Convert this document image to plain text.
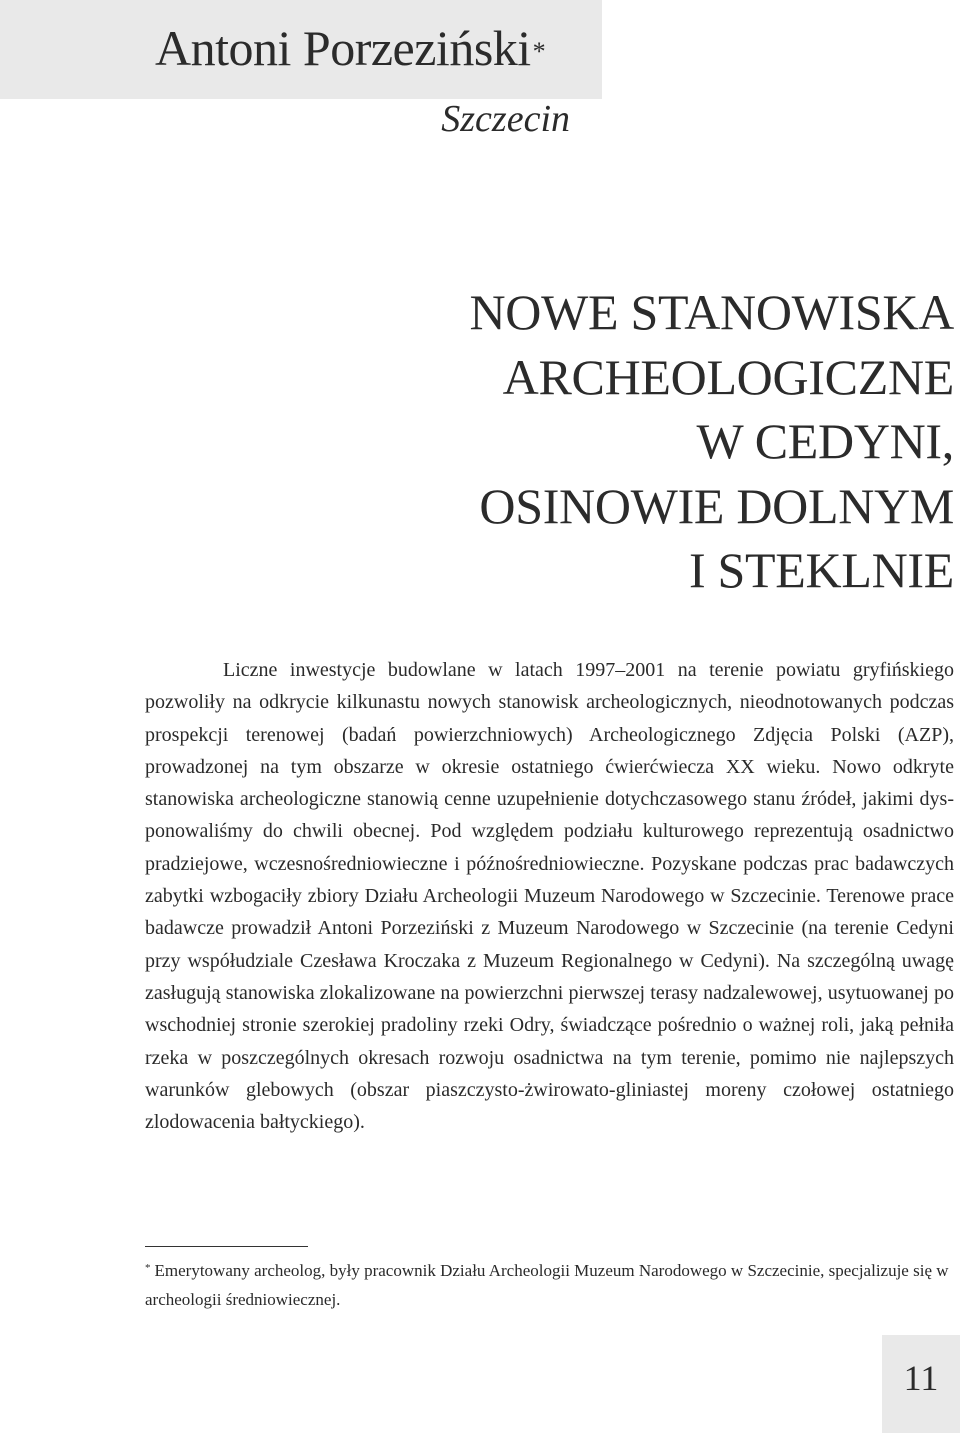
Antoni Porzeziński*
Szczecin
NOWE STANOWISKA
ARCHEOLOGICZNE
W CEDYNI,
OSINOWIE DOLNYM
I STEKLNIE

Liczne inwestycje budowlane w latach 1997–2001 na terenie powiatu gryfińskiego pozwoliły na odkrycie kilkunastu nowych stanowisk archeologicznych, nieodnotowanych podczas prospekcji terenowej (badań powierzchniowych) Archeologicznego Zdjęcia Polski (AZP), prowadzonej na tym obszarze w okresie ostatniego ćwierćwiecza XX wieku. Nowo odkryte stanowiska archeologiczne stanowią cenne uzupełnienie dotychczasowego stanu źródeł, jakimi dysponowaliśmy do chwili obecnej. Pod względem podziału kulturowego reprezentują osadnictwo pradziejowe, wczesnośredniowieczne i późnośredniowieczne. Pozyskane podczas prac badawczych zabytki wzbogaciły zbiory Działu Archeologii Muzeum Narodowego w Szczecinie. Terenowe prace badawcze prowadził Antoni Porzeziński z Muzeum Narodowego w Szczecinie (na terenie Cedyni przy współudziale Czesława Kroczaka z Muzeum Regionalnego w Cedyni). Na szczególną uwagę zasługują stanowiska zlokalizowane na powierzchni pierwszej terasy nadzalewowej, usytuowanej po wschodniej stronie szerokiej pradoliny rzeki Odry, świadczące pośrednio o ważnej roli, jaką pełniła rzeka w poszczególnych okresach rozwoju osadnictwa na tym terenie, pomimo nie najlepszych warunków glebowych (obszar piaszczysto-żwirowato-gliniastej moreny czołowej ostatniego zlodowacenia bałtyckiego).

* Emerytowany archeolog, były pracownik Działu Archeologii Muzeum Narodowego w Szczecinie, specjalizuje się w archeologii średniowiecznej.

11
